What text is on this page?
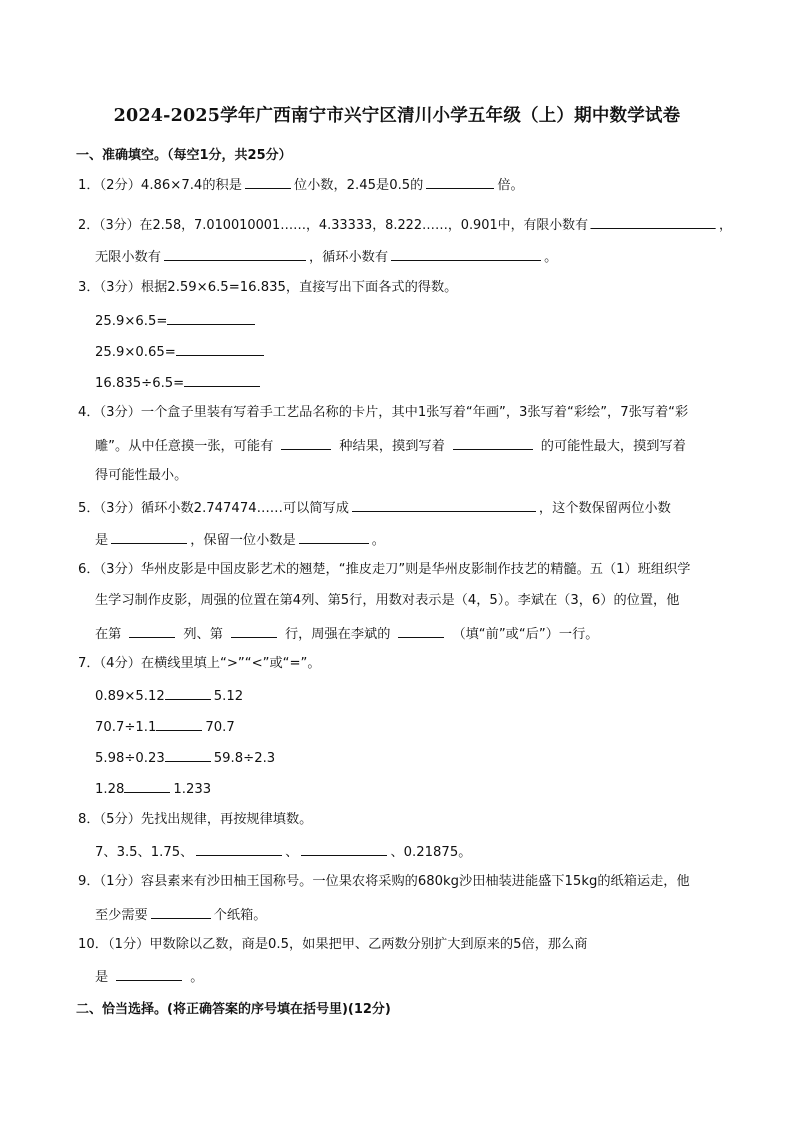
2024-2025学年广西南宁市兴宁区清川小学五年级（上）期中数学试卷
一、准确填空。（每空1分，共25分）
1．（2分）4.86×7.4的积是	位小数，2.45是0.5的	倍。
2．（3分）在2.58，7.010010001……，4.33333，8.222……，0.901中，有限小数有	，
无限小数有	，循环小数有	。
3．（3分）根据2.59×6.5=16.835，直接写出下面各式的得数。
25.9×6.5=
25.9×0.65=
16.835÷6.5=
4．（3分）一个盒子里装有写着手工艺品名称的卡片，其中1张写着“年画”，3张写着“彩绘”，7张写着“彩
雕”。从中任意摸一张，可能有	种结果，摸到写着	的可能性最大，摸到写着
得可能性最小。
5．（3分）循环小数2.747474……可以简写成	，这个数保留两位小数
是	，保留一位小数是	。
6．（3分）华州皮影是中国皮影艺术的翘楚，“推皮走刀”则是华州皮影制作技艺的精髓。五（1）班组织学
生学习制作皮影，周强的位置在第4列、第5行，用数对表示是（4，5）。李斌在（3，6）的位置，他
在第	列、第	行，周强在李斌的	（填“前”或“后”）一行。
7．（4分）在横线里填上“>”“<”或“=”。
0.89×5.12	5.12
70.7÷1.1	70.7
5.98÷0.23	59.8÷2.3
1.28	1.233
8．（5分）先找出规律，再按规律填数。
7、3.5、1.75、	、	、0.21875。
9．（1分）容县素来有沙田柚王国称号。一位果农将采购的680kg沙田柚装进能盛下15kg的纸箱运走，他
至少需要	个纸箱。
10．（1分）甲数除以乙数，商是0.5，如果把甲、乙两数分别扩大到原来的5倍，那么商
是	。
二、恰当选择。(将正确答案的序号填在括号里)(12分)
